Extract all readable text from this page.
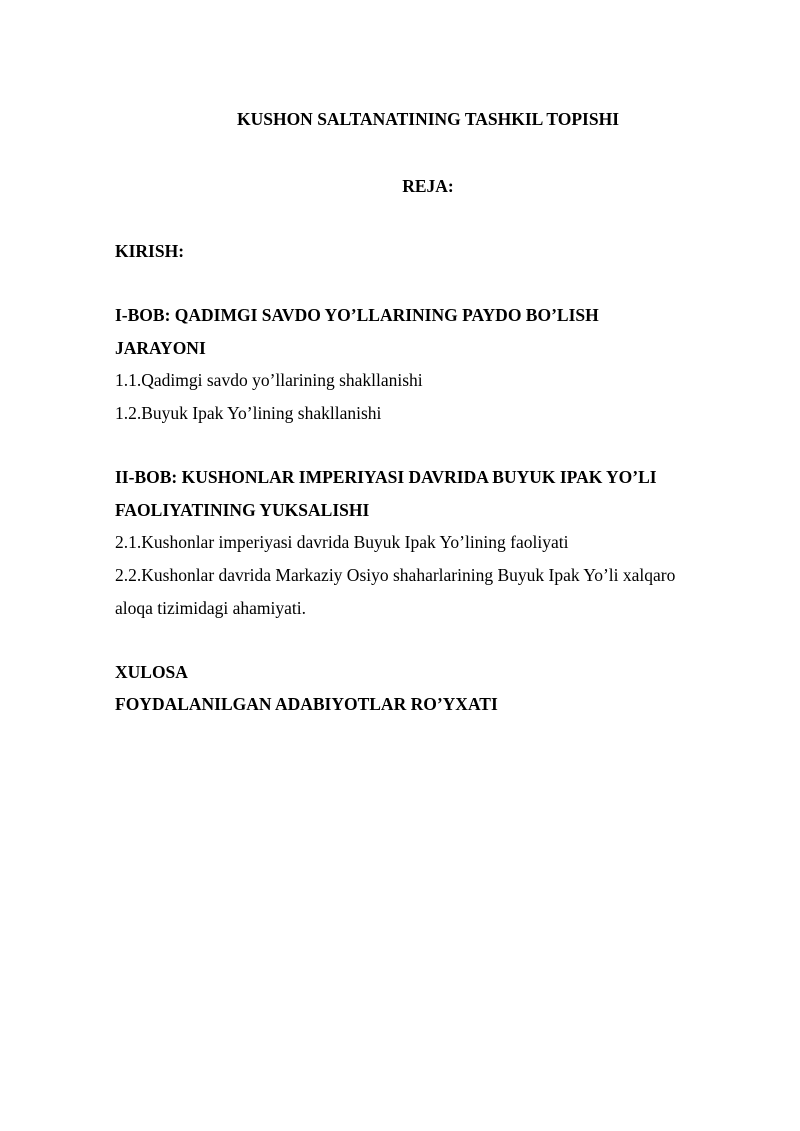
KUSHON SALTANATINING TASHKIL TOPISHI
REJA:
KIRISH:
I-BOB: QADIMGI SAVDO YO’LLARINING PAYDO BO’LISH
JARAYONI
1.1.Qadimgi savdo yo’llarining shakllanishi
1.2.Buyuk Ipak Yo’lining shakllanishi
II-BOB: KUSHONLAR IMPERIYASI DAVRIDA BUYUK IPAK YO’LI
FAOLIYATINING YUKSALISHI
2.1.Kushonlar imperiyasi davrida Buyuk Ipak Yo’lining faoliyati
2.2.Kushonlar davrida Markaziy Osiyo shaharlarining Buyuk Ipak Yo’li xalqaro
aloqa tizimidagi ahamiyati.
XULOSA
FOYDALANILGAN ADABIYOTLAR RO’YXATI
